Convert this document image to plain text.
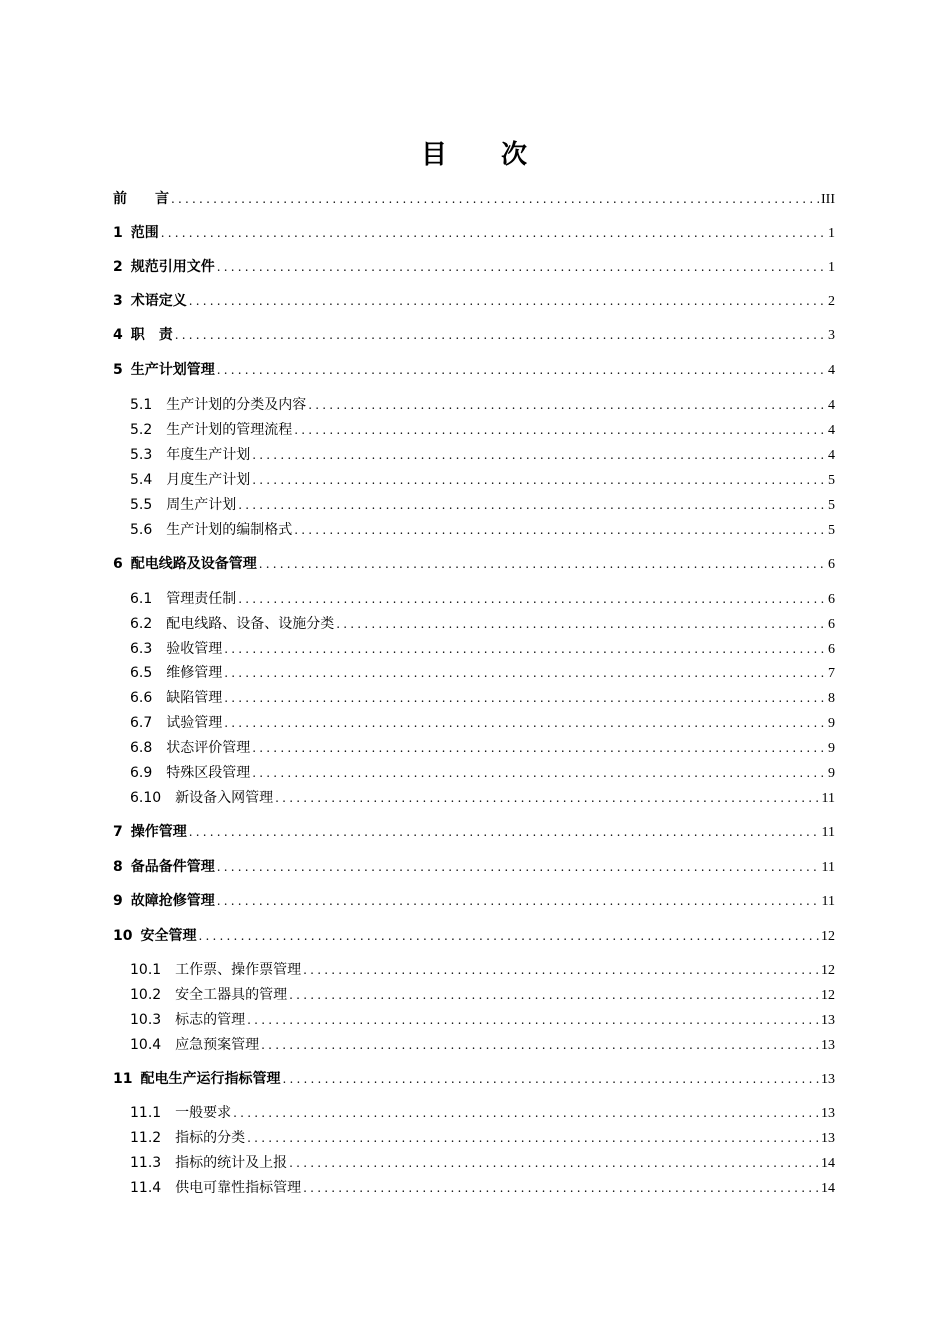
目 次
前　　言 .....	III
1 范围 .....	1
2 规范引用文件 .....	1
3 术语定义 .....	2
4 职　责 .....	3
5 生产计划管理 .....	4
5.1 生产计划的分类及内容 .....	4
5.2 生产计划的管理流程 .....	4
5.3 年度生产计划 .....	4
5.4 月度生产计划 .....	5
5.5 周生产计划 .....	5
5.6 生产计划的编制格式 .....	5
6 配电线路及设备管理 .....	6
6.1 管理责任制 .....	6
6.2 配电线路、设备、设施分类 .....	6
6.3 验收管理 .....	6
6.5 维修管理 .....	7
6.6 缺陷管理 .....	8
6.7 试验管理 .....	9
6.8 状态评价管理 .....	9
6.9 特殊区段管理 .....	9
6.10 新设备入网管理 .....	11
7 操作管理 .....	11
8 备品备件管理 .....	11
9 故障抢修管理 .....	11
10 安全管理 .....	12
10.1 工作票、操作票管理 .....	12
10.2 安全工器具的管理 .....	12
10.3 标志的管理 .....	13
10.4 应急预案管理 .....	13
11 配电生产运行指标管理 .....	13
11.1 一般要求 .....	13
11.2 指标的分类 .....	13
11.3 指标的统计及上报 .....	14
11.4 供电可靠性指标管理 .....	14
